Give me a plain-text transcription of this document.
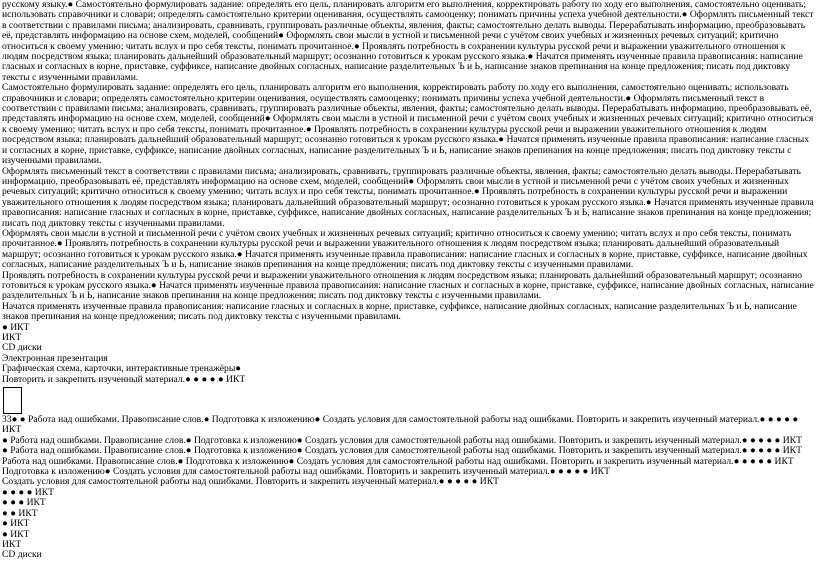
русскому языку.● Самостоятельно формулировать задание: определять его цель, планировать алгоритм его выполнения, корректировать работу по ходу его выполнения, самостоятельно оценивать; использовать справочники и словари; определять самостоятельно критерии оценивания, осуществлять самооценку; понимать причины успеха учебной деятельности.● Оформлять письменный текст в соответствии с правилами письма; анализировать, сравнивать, группировать различные объекты, явления, факты; самостоятельно делать выводы. Перерабатывать информацию, преобразовывать её, представлять информацию на основе схем, моделей, сообщений● Оформлять свои мысли в устной и письменной речи с учётом своих учебных и жизненных речевых ситуаций; критично относиться к своему умению; читать вслух и про себя тексты, понимать прочитанное.● Проявлять потребность в сохранении культуры русской речи и выражении уважительного отношения к людям посредством языка; планировать дальнейший образовательный маршрут; осознанно готовиться к урокам русского языка.● Начатся применять изученные правила правописания: написание гласных и согласных в корне, приставке, суффиксе, написание двойных согласных, написание разделительных Ъ и Ь, написание знаков препинания на конце предложения; писать под диктовку тексты с изученными правилами.

Самостоятельно формулировать задание: определять его цель, планировать алгоритм его выполнения, корректировать работу по ходу его выполнения, самостоятельно оценивать; использовать справочники и словари; определять самостоятельно критерии оценивания, осуществлять самооценку; понимать причины успеха учебной деятельности.● Оформлять письменный текст в соответствии с правилами письма; анализировать, сравнивать, группировать различные объекты, явления, факты; самостоятельно делать выводы. Перерабатывать информацию, преобразовывать её, представлять информацию на основе схем, моделей, сообщений● Оформлять свои мысли в устной и письменной речи с учётом своих учебных и жизненных речевых ситуаций; критично относиться к своему умению; читать вслух и про себя тексты, понимать прочитанное.● Проявлять потребность в сохранении культуры русской речи и выражении уважительного отношения к людям посредством языка; планировать дальнейший образовательный маршрут; осознанно готовиться к урокам русского языка.● Начатся применять изученные правила правописания: написание гласных и согласных в корне, приставке, суффиксе, написание двойных согласных, написание разделительных Ъ и Ь, написание знаков препинания на конце предложения; писать под диктовку тексты с изученными правилами.

Оформлять письменный текст в соответствии с правилами письма; анализировать, сравнивать, группировать различные объекты, явления, факты; самостоятельно делать выводы. Перерабатывать информацию, преобразовывать её, представлять информацию на основе схем, моделей, сообщений● Оформлять свои мысли в устной и письменной речи с учётом своих учебных и жизненных речевых ситуаций; критично относиться к своему умению; читать вслух и про себя тексты, понимать прочитанное.● Проявлять потребность в сохранении культуры русской речи и выражении уважительного отношения к людям посредством языка; планировать дальнейший образовательный маршрут; осознанно готовиться к урокам русского языка.● Начатся применять изученные правила правописания: написание гласных и согласных в корне, приставке, суффиксе, написание двойных согласных, написание разделительных Ъ и Ь, написание знаков препинания на конце предложения; писать под диктовку тексты с изученными правилами.

Оформлять свои мысли в устной и письменной речи с учётом своих учебных и жизненных речевых ситуаций; критично относиться к своему умению; читать вслух и про себя тексты, понимать прочитанное.● Проявлять потребность в сохранении культуры русской речи и выражении уважительного отношения к людям посредством языка; планировать дальнейший образовательный маршрут; осознанно готовиться к урокам русского языка.● Начатся применять изученные правила правописания: написание гласных и согласных в корне, приставке, суффиксе, написание двойных согласных, написание разделительных Ъ и Ь, написание знаков препинания на конце предложения; писать под диктовку тексты с изученными правилами.

Проявлять потребность в сохранении культуры русской речи и выражении уважительного отношения к людям посредством языка; планировать дальнейший образовательный маршрут; осознанно готовиться к урокам русского языка.● Начатся применять изученные правила правописания: написание гласных и согласных в корне, приставке, суффиксе, написание двойных согласных, написание разделительных Ъ и Ь, написание знаков препинания на конце предложения; писать под диктовку тексты с изученными правилами.

Начатся применять изученные правила правописания: написание гласных и согласных в корне, приставке, суффиксе, написание двойных согласных, написание разделительных Ъ и Ь, написание знаков препинания на конце предложения; писать под диктовку тексты с изученными правилами.

● ИКТ

ИКТ

CD диски

Электронная презентация

Графическая схема, карточки, интерактивные тренажёры●

Повторить и закрепить изученный материал.● ● ● ● ● ИКТ

33● ● Работа над ошибками. Правописание слов.● Подготовка к изложению● Создать условия для самостоятельной работы над ошибками. Повторить и закрепить изученный материал.● ● ● ● ● ИКТ

● Работа над ошибками. Правописание слов.● Подготовка к изложению● Создать условия для самостоятельной работы над ошибками. Повторить и закрепить изученный материал.● ● ● ● ● ИКТ

● Работа над ошибками. Правописание слов.● Подготовка к изложению● Создать условия для самостоятельной работы над ошибками. Повторить и закрепить изученный материал.● ● ● ● ● ИКТ

Работа над ошибками. Правописание слов.● Подготовка к изложению● Создать условия для самостоятельной работы над ошибками. Повторить и закрепить изученный материал.● ● ● ● ● ИКТ

Подготовка к изложению● Создать условия для самостоятельной работы над ошибками. Повторить и закрепить изученный материал.● ● ● ● ● ИКТ

Создать условия для самостоятельной работы над ошибками. Повторить и закрепить изученный материал.● ● ● ● ● ИКТ

● ● ● ● ИКТ

● ● ● ИКТ

● ● ИКТ

● ИКТ

● ИКТ

ИКТ

CD диски
